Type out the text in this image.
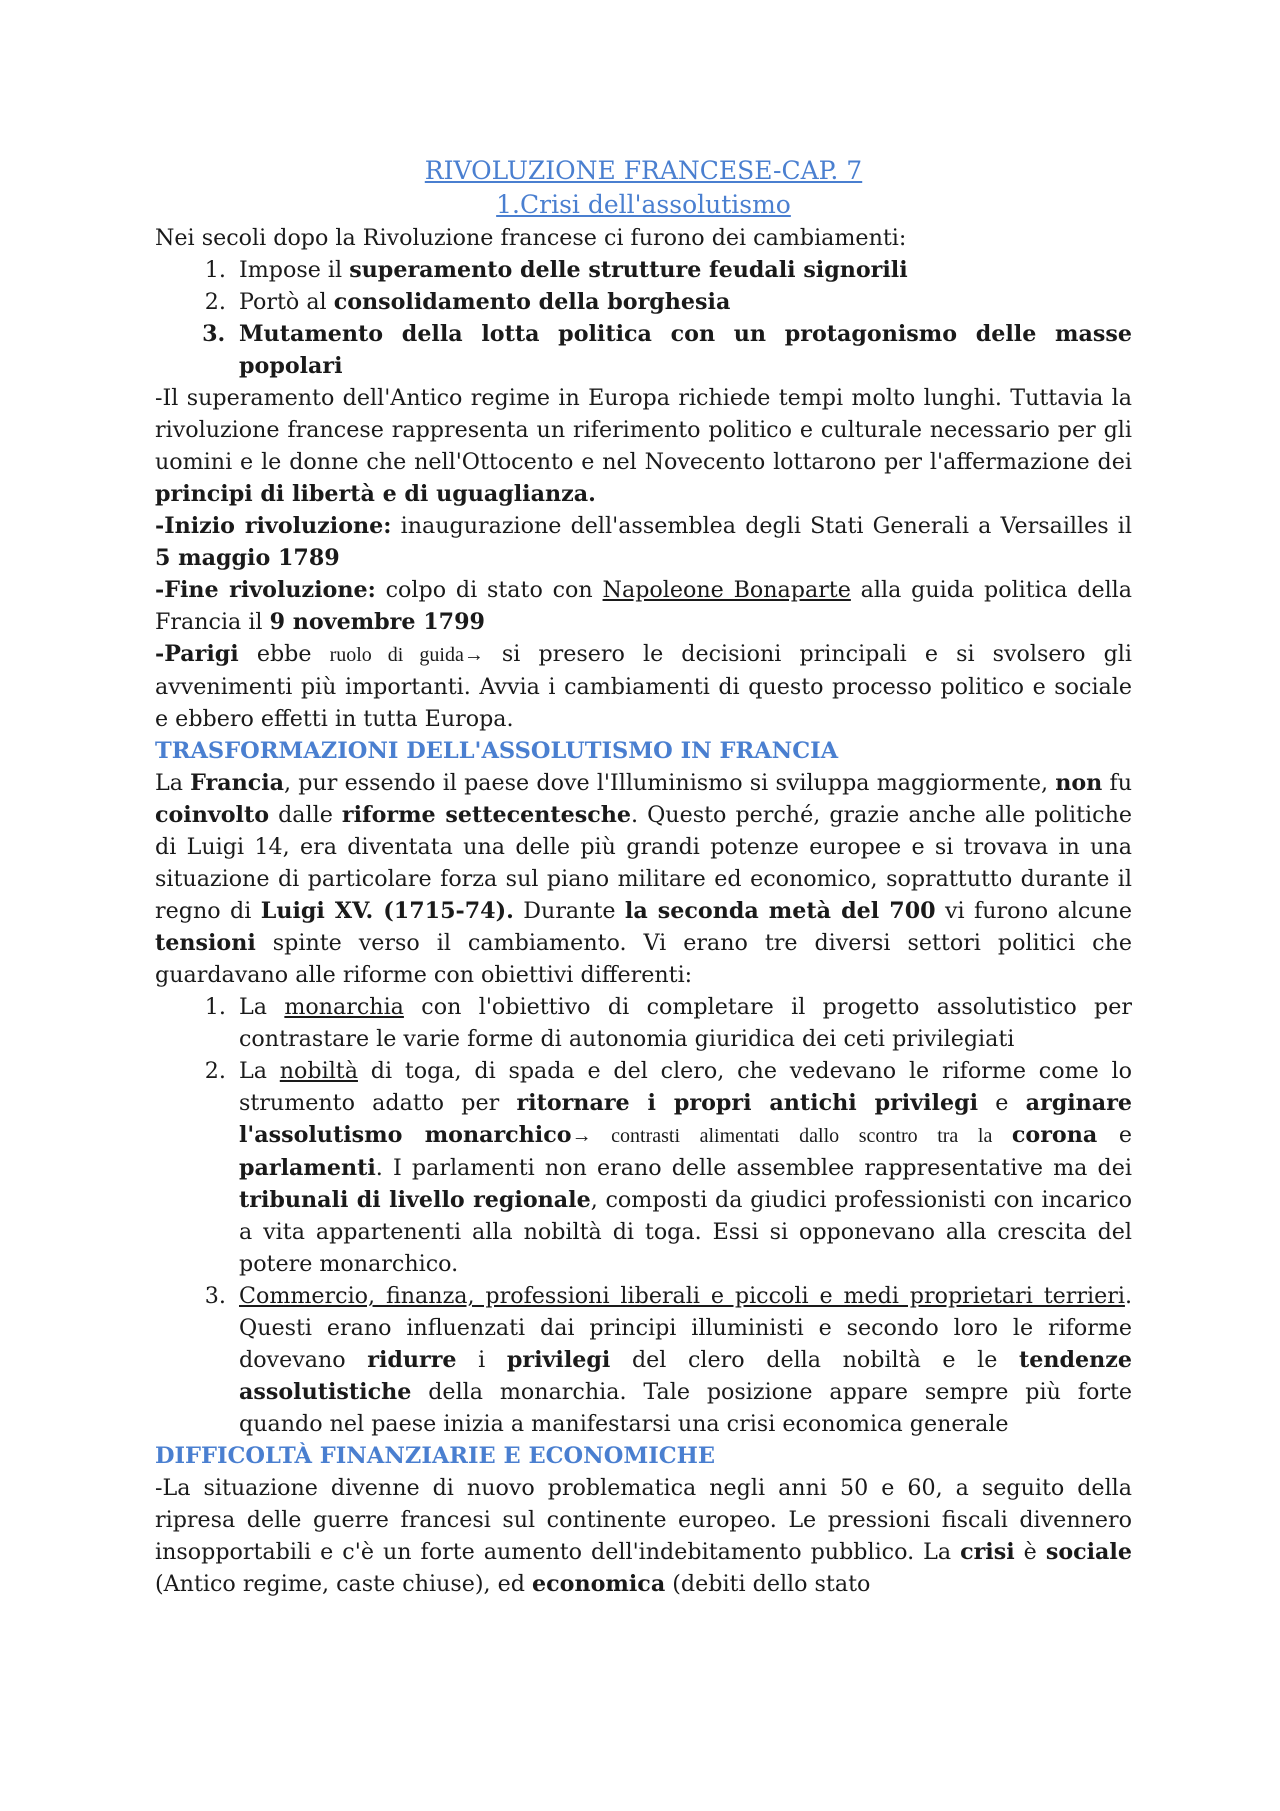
RIVOLUZIONE FRANCESE-CAP. 7
1.Crisi dell'assolutismo

Nei secoli dopo la Rivoluzione francese ci furono dei cambiamenti:

1. Impose il superamento delle strutture feudali signorili
2. Portò al consolidamento della borghesia
3. Mutamento della lotta politica con un protagonismo delle masse popolari

-Il superamento dell'Antico regime in Europa richiede tempi molto lunghi. Tuttavia la rivoluzione francese rappresenta un riferimento politico e culturale necessario per gli uomini e le donne che nell'Ottocento e nel Novecento lottarono per l'affermazione dei principi di libertà e di uguaglianza.

-Inizio rivoluzione: inaugurazione dell'assemblea degli Stati Generali a Versailles il 5 maggio 1789

-Fine rivoluzione: colpo di stato con Napoleone Bonaparte alla guida politica della Francia il 9 novembre 1799

-Parigi ebbe ruolo di guida→ si presero le decisioni principali e si svolsero gli avvenimenti più importanti. Avvia i cambiamenti di questo processo politico e sociale e ebbero effetti in tutta Europa.

TRASFORMAZIONI DELL'ASSOLUTISMO IN FRANCIA

La Francia, pur essendo il paese dove l'Illuminismo si sviluppa maggiormente, non fu coinvolto dalle riforme settecentesche. Questo perché, grazie anche alle politiche di Luigi 14, era diventata una delle più grandi potenze europee e si trovava in una situazione di particolare forza sul piano militare ed economico, soprattutto durante il regno di Luigi XV. (1715-74). Durante la seconda metà del 700 vi furono alcune tensioni spinte verso il cambiamento. Vi erano tre diversi settori politici che guardavano alle riforme con obiettivi differenti:

1. La monarchia con l'obiettivo di completare il progetto assolutistico per contrastare le varie forme di autonomia giuridica dei ceti privilegiati
2. La nobiltà di toga, di spada e del clero, che vedevano le riforme come lo strumento adatto per ritornare i propri antichi privilegi e arginare l'assolutismo monarchico→ contrasti alimentati dallo scontro tra la corona e parlamenti. I parlamenti non erano delle assemblee rappresentative ma dei tribunali di livello regionale, composti da giudici professionisti con incarico a vita appartenenti alla nobiltà di toga. Essi si opponevano alla crescita del potere monarchico.
3. Commercio, finanza, professioni liberali e piccoli e medi proprietari terrieri. Questi erano influenzati dai principi illuministi e secondo loro le riforme dovevano ridurre i privilegi del clero della nobiltà e le tendenze assolutistiche della monarchia. Tale posizione appare sempre più forte quando nel paese inizia a manifestarsi una crisi economica generale
DIFFICOLTÀ FINANZIARIE E ECONOMICHE

-La situazione divenne di nuovo problematica negli anni 50 e 60, a seguito della ripresa delle guerre francesi sul continente europeo. Le pressioni fiscali divennero insopportabili e c'è un forte aumento dell'indebitamento pubblico. La crisi è sociale (Antico regime, caste chiuse), ed economica (debiti dello stato
